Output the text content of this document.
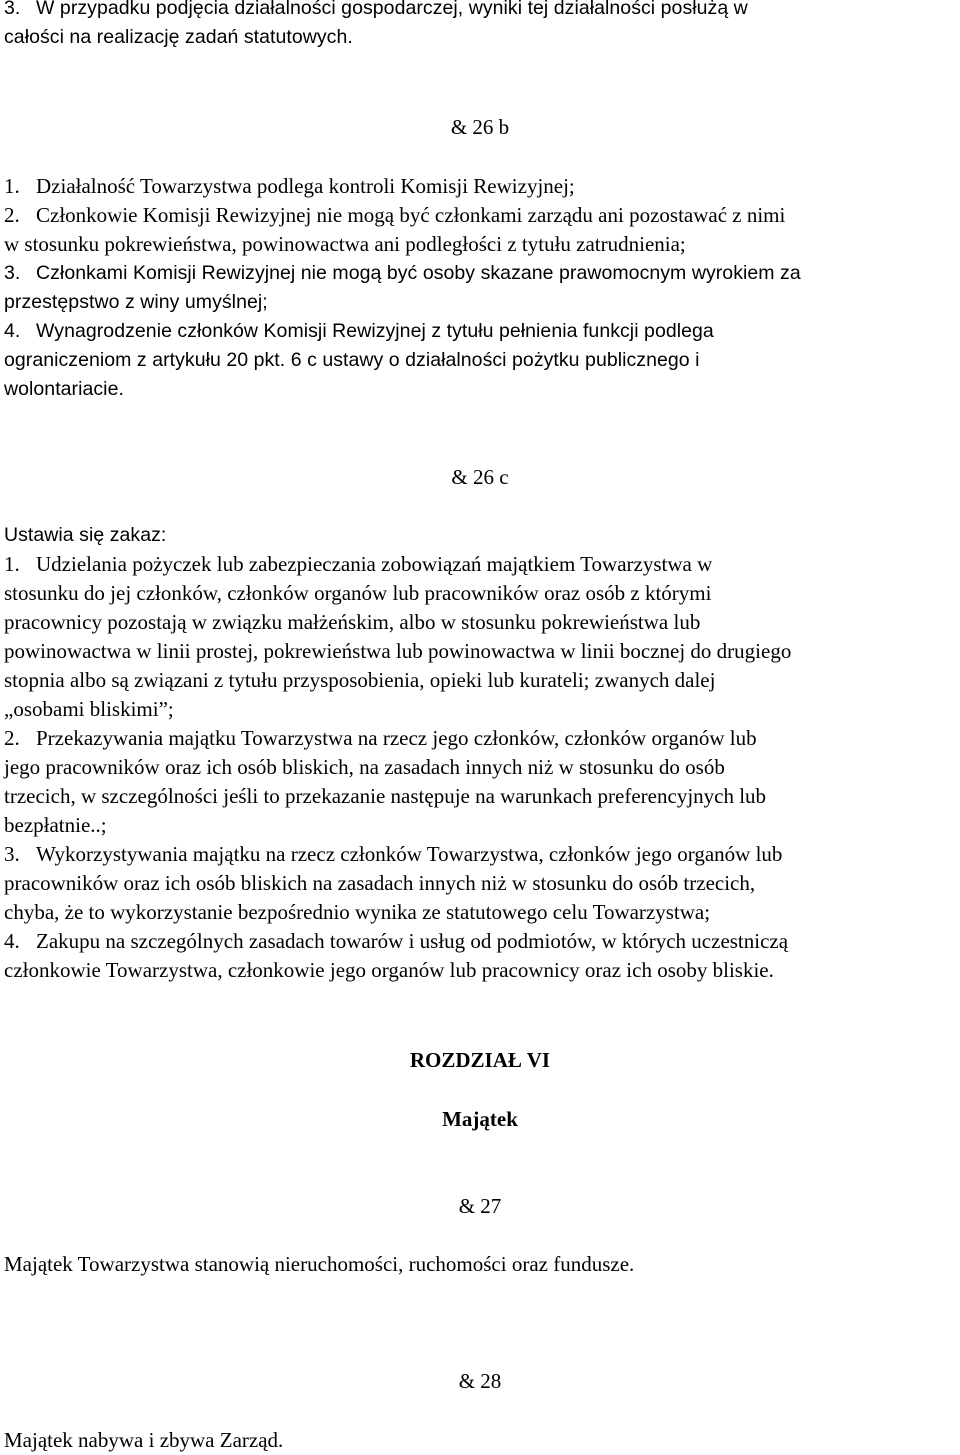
3. W przypadku podjęcia działalności gospodarczej, wyniki tej działalności posłużą w
całości na realizację zadań statutowych.
& 26 b
1. Działalność Towarzystwa podlega kontroli Komisji Rewizyjnej;
2. Członkowie Komisji Rewizyjnej nie mogą być członkami zarządu ani pozostawać z nimi
w stosunku pokrewieństwa, powinowactwa ani podległości z tytułu zatrudnienia;
3. Członkami Komisji Rewizyjnej nie mogą być osoby skazane prawomocnym wyrokiem za
przestępstwo z winy umyślnej;
4. Wynagrodzenie członków Komisji Rewizyjnej z tytułu pełnienia funkcji podlega
ograniczeniom z artykułu 20 pkt. 6 c ustawy o działalności pożytku publicznego i
wolontariacie.
& 26 c
Ustawia się zakaz:
1. Udzielania pożyczek lub zabezpieczania zobowiązań majątkiem Towarzystwa w
stosunku do jej członków, członków organów lub pracowników oraz osób z którymi
pracownicy pozostają w związku małżeńskim, albo w stosunku pokrewieństwa lub
powinowactwa w linii prostej, pokrewieństwa lub powinowactwa w linii bocznej do drugiego
stopnia albo są związani z tytułu przysposobienia, opieki lub kurateli; zwanych dalej
„osobami bliskimi”;
2. Przekazywania majątku Towarzystwa na rzecz jego członków, członków organów lub
jego pracowników oraz ich osób bliskich, na zasadach innych niż w stosunku do osób
trzecich, w szczególności jeśli to przekazanie następuje na warunkach preferencyjnych lub
bezpłatnie..;
3. Wykorzystywania majątku na rzecz członków Towarzystwa, członków jego organów lub
pracowników oraz ich osób bliskich na zasadach innych niż w stosunku do osób trzecich,
chyba, że to wykorzystanie bezpośrednio wynika ze statutowego celu Towarzystwa;
4. Zakupu na szczególnych zasadach towarów i usług od podmiotów, w których uczestniczą
członkowie Towarzystwa, członkowie jego organów lub pracownicy oraz ich osoby bliskie.
ROZDZIAŁ VI
Majątek
& 27
Majątek Towarzystwa stanowią nieruchomości, ruchomości oraz fundusze.
& 28
Majątek nabywa i zbywa Zarząd.
